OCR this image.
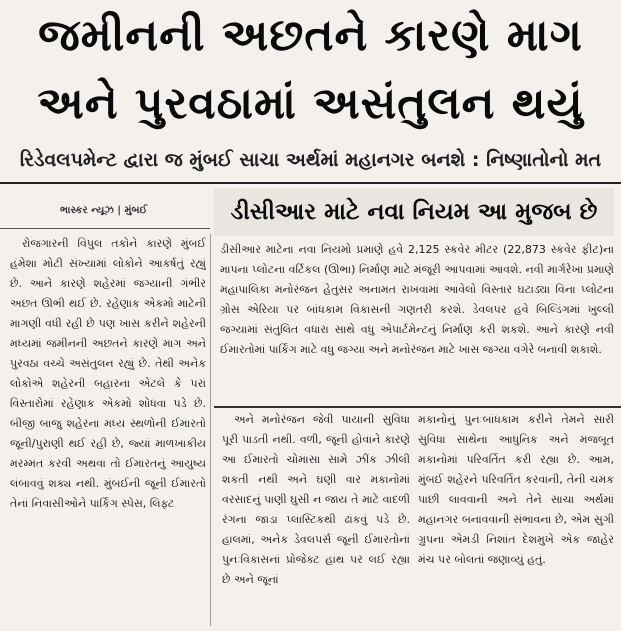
જમીનની અછતને કારણે માગ
અને પુરવઠામાં અસંતુલન થયું
રિડેવલપમેન્ટ દ્વારા જ મુંબઈ સાચા અર્થમાં મહાનગર બનશે : નિષ્ણાતોનો મત
ભાસ્કર ન્યૂઝ | મુંબઈ	ડીસીઆર માટે નવા નિયમ આ મુજબ છે
ડીસીઆર માટેના નવા નિયમો પ્રમાણે હવે 2,125 સ્કવેર મીટર (22,873 સ્કવેર ફીટ)ના માપના પ્લોટના વર્ટિકલ (ઊભા) નિર્માણ માટે મંજૂરી આપવામાં આવશે. નવી માર્ગરેખા પ્રમાણે મહાપાલિકા મનોરંજન હેતુસર અનામત રાખવામાં આવેલો વિસ્તાર ઘટાડ્યા વિના પ્લોટના ગ્રોસ એરિયા પર બાંધકામ વિકાસની ગણતરી કરશે. ડેવલપર હવે બિલ્ડિંગમાં ખુલ્લી જગ્યામાં સંતુલિત વધારા સાથે વધુ એપાર્ટમેન્ટનું નિર્માણ કરી શકશે. આને કારણે નવી ઈમારતોમાં પાર્કિંગ માટે વધુ જગ્યા અને મનોરંજન માટે ખાસ જગ્યા વગેરે બનાવી શકાશે.
રોજગારની વિપુલ તકોને કારણે મુંબઈ હંમેશા મોટી સંખ્યામાં લોકોને આકર્ષતું રહ્યું છે. આને કારણે શહેરમાં જગ્યાની ગંભીર અછત ઊભી થઈ છે. રહેણાક એકમો માટેની માગણી વધી રહી છે પણ ખાસ કરીને શહેરની મધ્યમાં જમીનની અછતને કારણે માગ અને પુરવઠા વચ્ચે અસંતુલન રહ્યું છે. તેથી અનેક લોકોએ શહેરની બહારના એટલે કે પરાં વિસ્તારોમાં રહેણાક એકમો શોધવા પડે છે. બીજી બાજુ શહેરના મધ્ય સ્થળોની ઈમારતો જૂની/પુરાણી થઈ રહી છે, જ્યાં માળખાકીય મરમ્મત કરવી અથવા તો ઈમારતનું આયુષ્ય લંબાવવું શક્ય નથી. મુંબઈની જૂની ઈમારતો તેનાં નિવાસીઓને પાર્કિંગ સ્પેસ, લિફ્ટ
અને મનોરંજન જેવી પાયાની સુવિધા પૂરી પાડતી નથી. વળી, જૂની હોવાને કારણે આ ઈમારતો ચોમાસા સામે ઝીંક ઝીલી શકતી નથી અને ઘણી વાર મકાનોમાં વરસાદનું પાણી ઘુસી ન જાય તે માટે વાદળી રંગના જાડા પ્લાસ્ટિકથી ઢાંકવું પડે છે. હાલમાં, અનેક ડેવલપર્સ જૂની ઈમારતોનાં પુનઃવિકાસનાં પ્રોજેક્ટ હાથ પર લઈ રહ્યા છે અને જૂનાં
મકાનોનું પુનઃબાંધકામ કરીને તેમને સારી સુવિધા સાથેના આધુનિક અને મજબૂત મકાનોમાં પરિવર્તિત કરી રહ્યા છે. આમ, મુંબઈ શહેરને પરિવર્તિત કરવાની, તેની ચમક પાછી લાવવાની અને તેને સાચા અર્થમાં મહાનગર બનાવવાની સંભાવના છે, એમ સુગી ગ્રુપના એમડી નિશાંત દેશમુખે એક જાહેર મંચ પર બોલતાં જણાવ્યું હતું.
